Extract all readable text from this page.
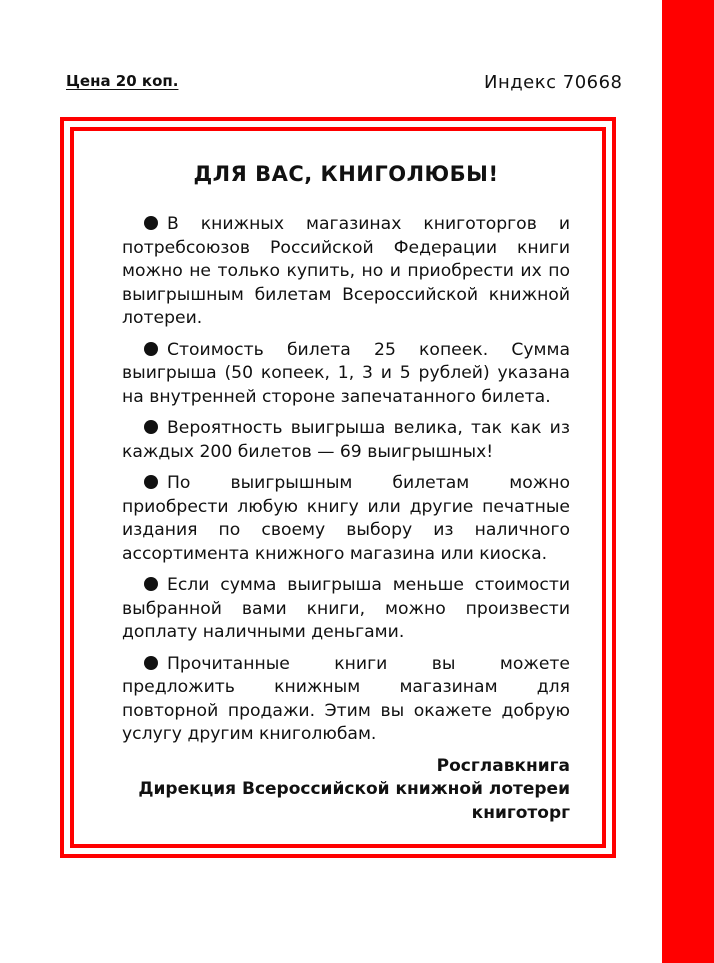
Цена 20 коп.	Индекс 70668
ДЛЯ ВАС, КНИГОЛЮБЫ!

В книжных магазинах книготоргов и потребсоюзов Российской Федерации книги можно не только купить, но и приобрести их по выигрышным билетам Всероссийской книжной лотереи.

Стоимость билета 25 копеек. Сумма выигрыша (50 копеек, 1, 3 и 5 рублей) указана на внутренней стороне запечатанного билета.

Вероятность выигрыша велика, так как из каждых 200 билетов — 69 выигрышных!

По выигрышным билетам можно приобрести любую книгу или другие печатные издания по своему выбору из наличного ассортимента книжного магазина или киоска.

Если сумма выигрыша меньше стоимости выбранной вами книги, можно произвести доплату наличными деньгами.

Прочитанные книги вы можете предложить книжным магазинам для повторной продажи. Этим вы окажете добрую услугу другим книголюбам.

Росглавкнига
Дирекция Всероссийской книжной лотереи
книготорг
